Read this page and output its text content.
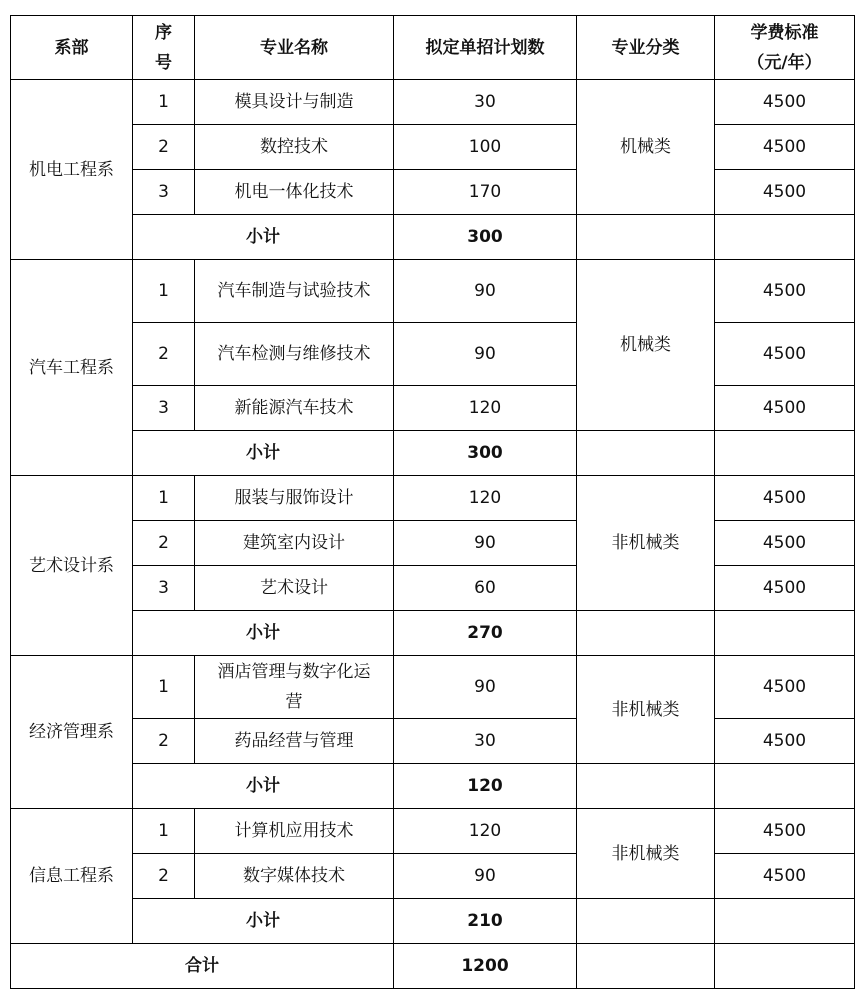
系部	序号	专业名称	拟定单招计划数	专业分类	学费标准（元/年）
机电工程系	1	模具设计与制造	30	机械类	4500
	2	数控技术	100		4500
	3	机电一体化技术	170		4500
	小计		300		
汽车工程系	1	汽车制造与试验技术	90	机械类	4500
	2	汽车检测与维修技术	90		4500
	3	新能源汽车技术	120		4500
	小计		300		
艺术设计系	1	服装与服饰设计	120	非机械类	4500
	2	建筑室内设计	90		4500
	3	艺术设计	60		4500
	小计		270		
经济管理系	1	酒店管理与数字化运营	90	非机械类	4500
	2	药品经营与管理	30		4500
	小计		120		
信息工程系	1	计算机应用技术	120	非机械类	4500
	2	数字媒体技术	90		4500
	小计		210		
合计			1200		
